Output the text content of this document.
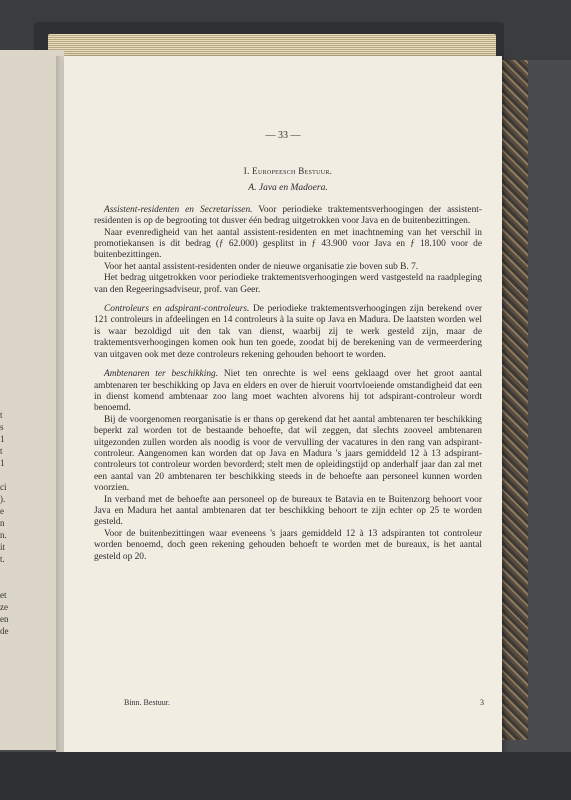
et
ze
en
de
t
s
1
t
1
ci
).
e
n
n.
it
t.
— 33 —
I. Europeesch Bestuur.
A. Java en Madoera.

Assistent-residenten en Secretarissen. Voor periodieke traktementsverhoogingen der assistent-residenten is op de begrooting tot dusver één bedrag uitgetrokken voor Java en de buitenbezittingen.

Naar evenredigheid van het aantal assistent-residenten en met inachtneming van het verschil in promotiekansen is dit bedrag (ƒ 62.000) gesplitst in ƒ 43.900 voor Java en ƒ 18.100 voor de buitenbezittingen.

Voor het aantal assistent-residenten onder de nieuwe organisatie zie boven sub B. 7.

Het bedrag uitgetrokken voor periodieke traktementsverhoogingen werd vastgesteld na raadpleging van den Regeeringsadviseur, prof. van Geer.

Controleurs en adspirant-controleurs. De periodieke traktementsverhoogingen zijn berekend over 121 controleurs in afdeelingen en 14 controleurs à la suite op Java en Madura. De laatsten worden wel is waar bezoldigd uit den tak van dienst, waarbij zij te werk gesteld zijn, maar de traktementsverhoogingen komen ook hun ten goede, zoodat bij de berekening van de vermeerdering van uitgaven ook met deze controleurs rekening gehouden behoort te worden.

Ambtenaren ter beschikking. Niet ten onrechte is wel eens geklaagd over het groot aantal ambtenaren ter beschikking op Java en elders en over de hieruit voortvloeiende omstandigheid dat een in dienst komend ambtenaar zoo lang moet wachten alvorens hij tot adspirant-controleur wordt benoemd.

Bij de voorgenomen reorganisatie is er thans op gerekend dat het aantal ambtenaren ter beschikking beperkt zal worden tot de bestaande behoefte, dat wil zeggen, dat slechts zooveel ambtenaren uitgezonden zullen worden als noodig is voor de vervulling der vacatures in den rang van adspirant-controleur. Aangenomen kan worden dat op Java en Madura 's jaars gemiddeld 12 à 13 adspirant-controleurs tot controleur worden bevorderd; stelt men de opleidingstijd op anderhalf jaar dan zal met een aantal van 20 ambtenaren ter beschikking steeds in de behoefte aan personeel kunnen worden voorzien.

In verband met de behoefte aan personeel op de bureaux te Batavia en te Buitenzorg behoort voor Java en Madura het aantal ambtenaren dat ter beschikking behoort te zijn echter op 25 te worden gesteld.

Voor de buitenbezittingen waar eveneens 's jaars gemiddeld 12 à 13 adspiranten tot controleur worden benoemd, doch geen rekening gehouden behoeft te worden met de bureaux, is het aantal gesteld op 20.

Binn. Bestuur.	3
